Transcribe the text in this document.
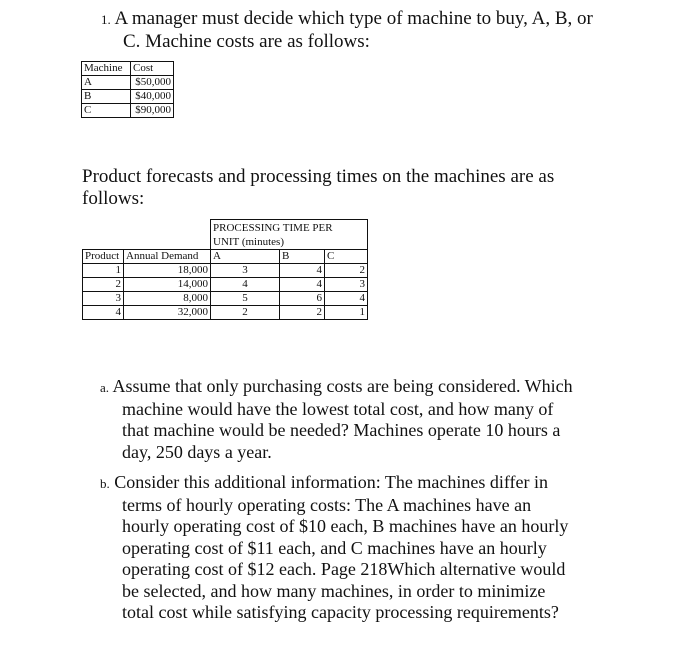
1. A manager must decide which type of machine to buy, A, B, or
C. Machine costs are as follows:
Machine	Cost
A	$50,000
B	$40,000
C	$90,000
Product forecasts and processing times on the machines are as
follows:

		PROCESSING TIME PER
UNIT (minutes)		

Product	Annual Demand	A	B	C
1	18,000	3	4	2
2	14,000	4	4	3
3	8,000	5	6	4
4	32,000	2	2	1
a. Assume that only purchasing costs are being considered. Which
machine would have the lowest total cost, and how many of
that machine would be needed? Machines operate 10 hours a
day, 250 days a year.
b. Consider this additional information: The machines differ in
terms of hourly operating costs: The A machines have an
hourly operating cost of $10 each, B machines have an hourly
operating cost of $11 each, and C machines have an hourly
operating cost of $12 each. Page 218Which alternative would
be selected, and how many machines, in order to minimize
total cost while satisfying capacity processing requirements?
